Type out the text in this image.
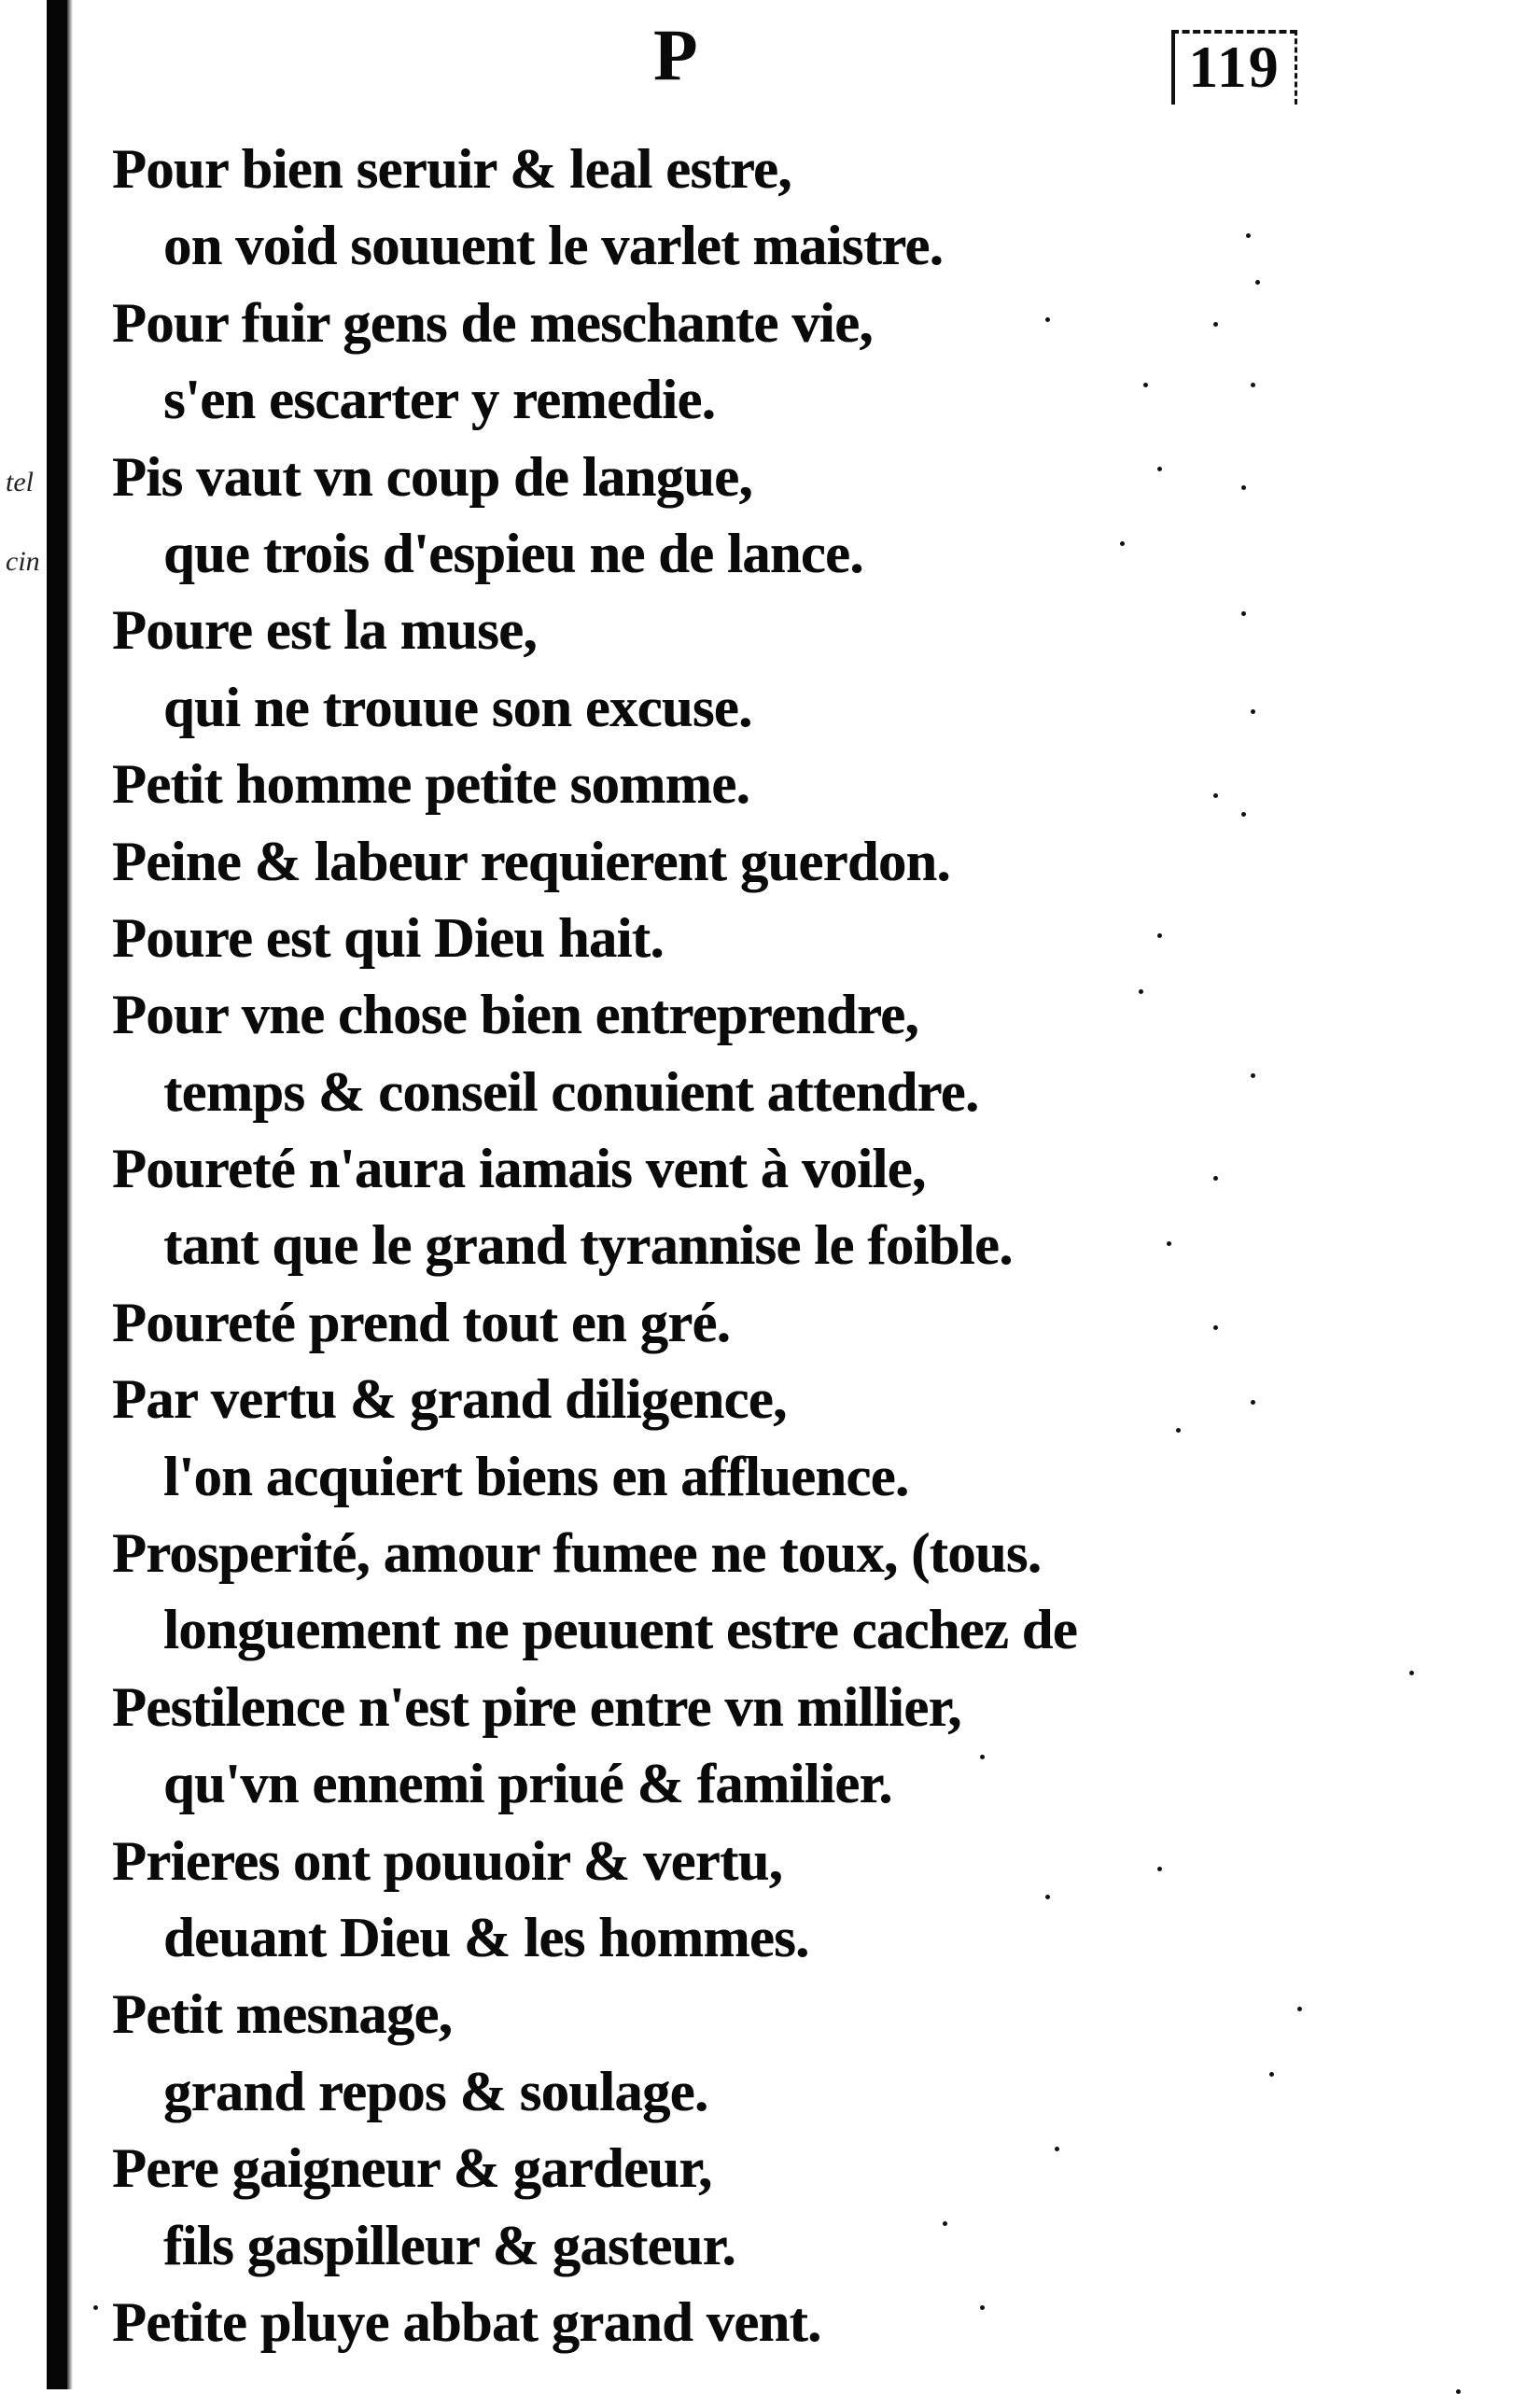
tel
cin
P	119
Pour bien seruir & leal estre,
on void souuent le varlet maistre.
Pour fuir gens de meschante vie,
s'en escarter y remedie.
Pis vaut vn coup de langue,
que trois d'espieu ne de lance.
Poure est la muse,
qui ne trouue son excuse.
Petit homme petite somme.
Peine & labeur requierent guerdon.
Poure est qui Dieu hait.
Pour vne chose bien entreprendre,
temps & conseil conuient attendre.
Poureté n'aura iamais vent à voile,
tant que le grand tyrannise le foible.
Poureté prend tout en gré.
Par vertu & grand diligence,
l'on acquiert biens en affluence.
Prosperité, amour fumee ne toux, (tous.
longuement ne peuuent estre cachez de
Pestilence n'est pire entre vn millier,
qu'vn ennemi priué & familier.
Prieres ont pouuoir & vertu,
deuant Dieu & les hommes.
Petit mesnage,
grand repos & soulage.
Pere gaigneur & gardeur,
fils gaspilleur & gasteur.
Petite pluye abbat grand vent.
